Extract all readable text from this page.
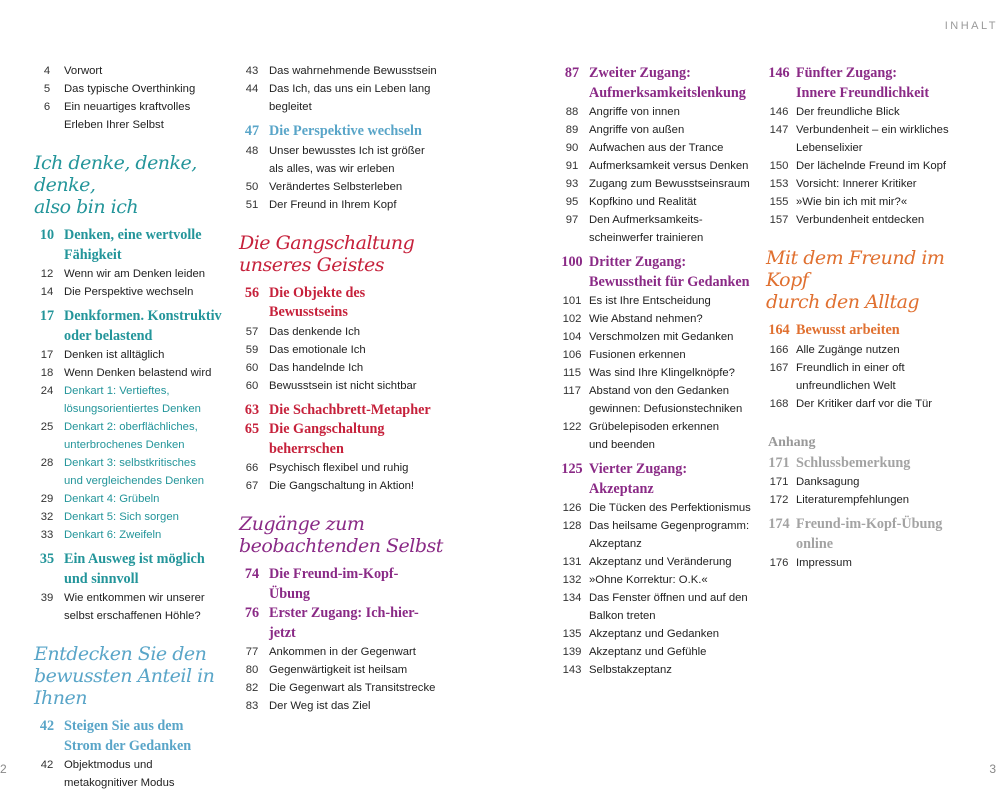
INHALT
4	Vorwort
5	Das typische Overthinking
6	Ein neuartiges kraftvolles
Erleben Ihrer Selbst
Ich denke, denke, denke,
also bin ich
10 Denken, eine wertvolle
Fähigkeit
12 Wenn wir am Denken leiden
14 Die Perspektive wechseln
17 Denkformen. Konstruktiv
oder belastend
17 Denken ist alltäglich
18 Wenn Denken belastend wird
24 Denkart 1: Vertieftes,
lösungsorientiertes Denken
25 Denkart 2: oberflächliches,
unterbrochenes Denken
28 Denkart 3: selbstkritisches
und vergleichendes Denken
29 Denkart 4: Grübeln
32 Denkart 5: Sich sorgen
33 Denkart 6: Zweifeln
35 Ein Ausweg ist möglich
und sinnvoll
39 Wie entkommen wir unserer
selbst erschaffenen Höhle?
Entdecken Sie den
bewussten Anteil in Ihnen
42 Steigen Sie aus dem
Strom der Gedanken
42 Objektmodus und
metakognitiver Modus
43 Das wahrnehmende Bewusstsein
44 Das Ich, das uns ein Leben lang
begleitet
47 Die Perspektive wechseln
48 Unser bewusstes Ich ist größer
als alles, was wir erleben
50 Verändertes Selbsterleben
51 Der Freund in Ihrem Kopf
Die Gangschaltung
unseres Geistes
56 Die Objekte des
Bewusstseins
57 Das denkende Ich
59 Das emotionale Ich
60 Das handelnde Ich
60 Bewusstsein ist nicht sichtbar
63 Die Schachbrett-Metapher
65 Die Gangschaltung
beherrschen
66 Psychisch flexibel und ruhig
67 Die Gangschaltung in Aktion!
Zugänge zum
beobachtenden Selbst
74 Die Freund-im-Kopf-
Übung
76 Erster Zugang: Ich-hier-
jetzt
77 Ankommen in der Gegenwart
80 Gegenwärtigkeit ist heilsam
82 Die Gegenwart als Transitstrecke
83 Der Weg ist das Ziel
87 Zweiter Zugang:
Aufmerksamkeitslenkung
88 Angriffe von innen
89 Angriffe von außen
90 Aufwachen aus der Trance
91 Aufmerksamkeit versus Denken
93 Zugang zum Bewusstseinsraum
95 Kopfkino und Realität
97 Den Aufmerksamkeits-
scheinwerfer trainieren
100 Dritter Zugang:
Bewusstheit für Gedanken
101 Es ist Ihre Entscheidung
102 Wie Abstand nehmen?
104 Verschmolzen mit Gedanken
106 Fusionen erkennen
115 Was sind Ihre Klingelknöpfe?
117 Abstand von den Gedanken
gewinnen: Defusionstechniken
122 Grübelepisoden erkennen
und beenden
125 Vierter Zugang:
Akzeptanz
126 Die Tücken des Perfektionismus
128 Das heilsame Gegenprogramm:
Akzeptanz
131 Akzeptanz und Veränderung
132 »Ohne Korrektur: O.K.«
134 Das Fenster öffnen und auf den
Balkon treten
135 Akzeptanz und Gedanken
139 Akzeptanz und Gefühle
143 Selbstakzeptanz
146 Fünfter Zugang:
Innere Freundlichkeit
146 Der freundliche Blick
147 Verbundenheit – ein wirkliches
Lebenselixier
150 Der lächelnde Freund im Kopf
153 Vorsicht: Innerer Kritiker
155 »Wie bin ich mit mir?«
157 Verbundenheit entdecken
Mit dem Freund im Kopf
durch den Alltag
164 Bewusst arbeiten
166 Alle Zugänge nutzen
167 Freundlich in einer oft
unfreundlichen Welt
168 Der Kritiker darf vor die Tür
Anhang
171 Schlussbemerkung
171 Danksagung
172 Literaturempfehlungen
174 Freund-im-Kopf-Übung
online
176 Impressum
2	3
